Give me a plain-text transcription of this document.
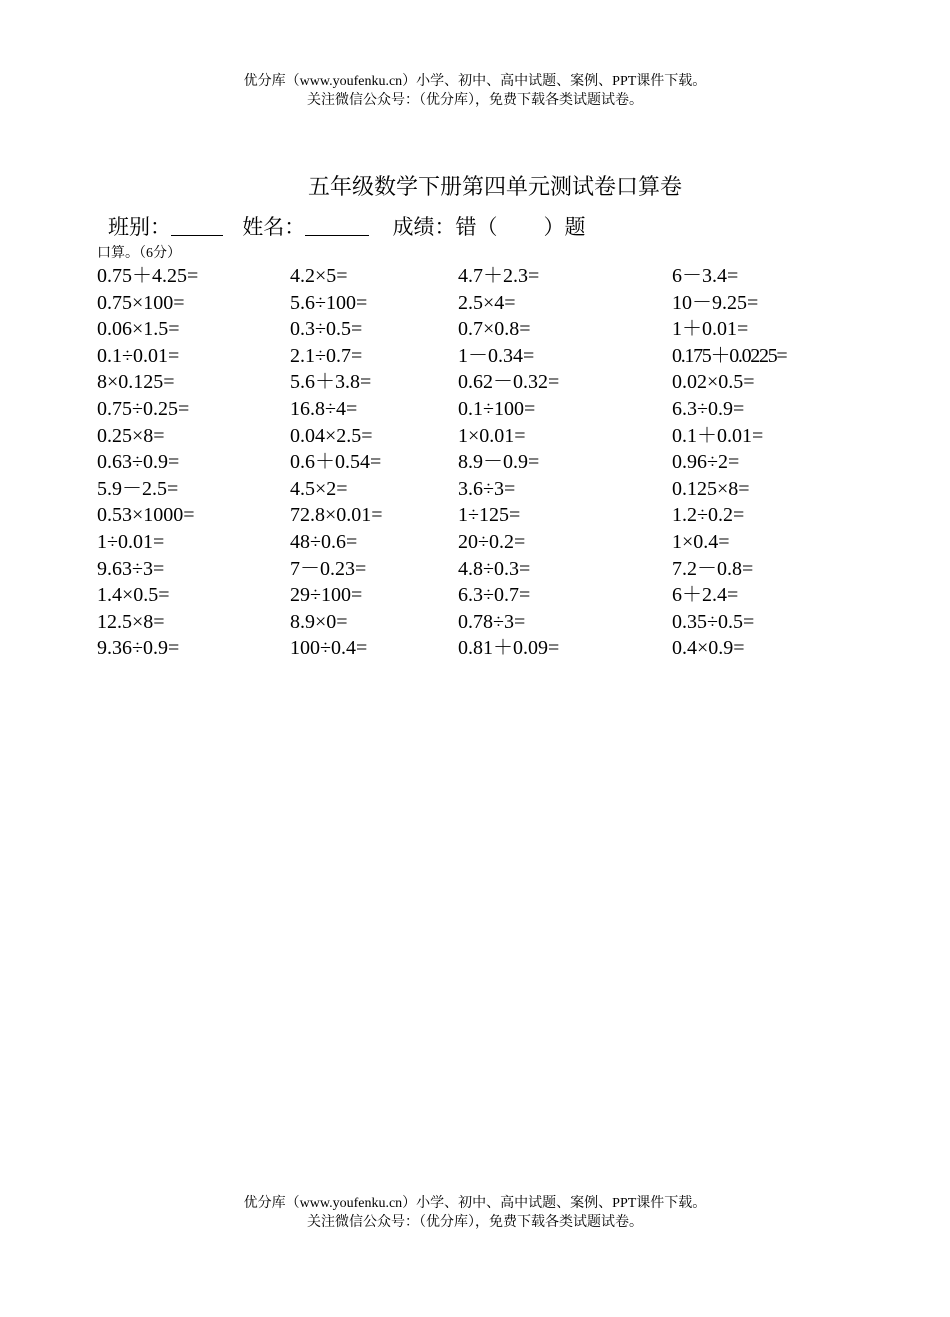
优分库（www.youfenku.cn）小学、初中、高中试题、案例、PPT课件下载。
关注微信公众号：（优分库），免费下载各类试题试卷。
五年级数学下册第四单元测试卷口算卷
班别：	姓名：	成绩：错（ ）题
口算。（6分）
0.75＋4.25=	4.2×5=	4.7＋2.3=	6－3.4=
0.75×100=	5.6÷100=	2.5×4=	10－9.25=
0.06×1.5=	0.3÷0.5=	0.7×0.8=	1＋0.01=
0.1÷0.01=	2.1÷0.7=	1－0.34=	0.175＋0.0225=
8×0.125=	5.6＋3.8=	0.62－0.32=	0.02×0.5=
0.75÷0.25=	16.8÷4=	0.1÷100=	6.3÷0.9=
0.25×8=	0.04×2.5=	1×0.01=	0.1＋0.01=
0.63÷0.9=	0.6＋0.54=	8.9－0.9=	0.96÷2=
5.9－2.5=	4.5×2=	3.6÷3=	0.125×8=
0.53×1000=	72.8×0.01=	1÷125=	1.2÷0.2=
1÷0.01=	48÷0.6=	20÷0.2=	1×0.4=
9.63÷3=	7－0.23=	4.8÷0.3=	7.2－0.8=
1.4×0.5=	29÷100=	6.3÷0.7=	6＋2.4=
12.5×8=	8.9×0=	0.78÷3=	0.35÷0.5=
9.36÷0.9=	100÷0.4=	0.81＋0.09=	0.4×0.9=
优分库（www.youfenku.cn）小学、初中、高中试题、案例、PPT课件下载。
关注微信公众号：（优分库），免费下载各类试题试卷。
